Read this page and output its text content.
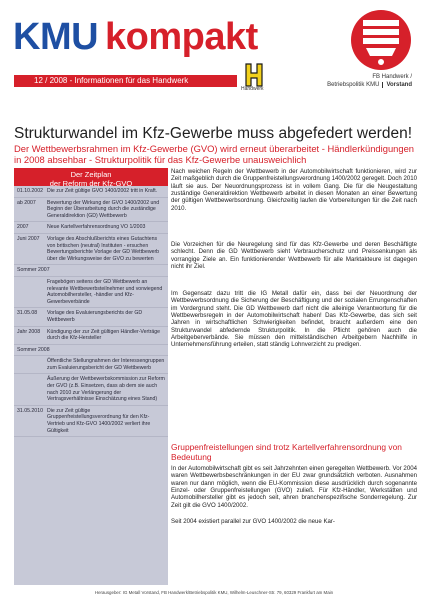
KMU kompakt
12 / 2008 - Informationen für das Handwerk
Handwerk
FB Handwerk /
Betriebspolitik KMU Vorstand
Strukturwandel im Kfz-Gewerbe muss abgefedert werden!
Der Wettbewerbsrahmen im Kfz-Gewerbe (GVO) wird erneut überarbeitet - Händlerkündigungen in 2008 absehbar - Strukturpolitik für das Kfz-Gewerbe unausweichlich
Der Zeitplan
der Reform der Kfz-GVO
01.10.2002 Die zur Zeit gültige GVO 1400/2002 tritt in Kraft.
ab 2007	Bewertung der Wirkung der GVO 1400/2002 und Beginn der Überarbeitung durch die zuständige Generaldirektion (GD) Wettbewerb
2007	Neue Kartellverfahrensordnung VO 1/2003
Juni 2007	Vorlage des Abschlußberichts eines Gutachtens von britischen (neutral) Instituten - ersuchen Bewertungsberichte Vorlage der GD Wettbewerb über die Wirkungsweise der GVO zu bewerten
Sommer 2007
Fragebögen seitens der GD Wettbewerb an relevante Wettbewerbsteilnehmer und vorwiegend Automobilhersteller, -händler und Kfz-Gewerbeverbände
31.05.08	Vorlage des Evaluierungsberichts der GD Wettbewerb
Jahr 2008	Kündigung der zur Zeit gültigen Händler-Verträge durch die Kfz-Hersteller
Sommer 2008
Öffentliche Stellungnahmen der Interessengruppen zum Evaluierungsbericht der GD Wettbewerb
Äußerung der Wettbewerbskommission zur Reform der GVO (z.B. Einsetzen, dass ab dem sie auch nach 2010 zur Verlängerung der Vertragsverhältnisse Einschätzung eines Stand)
31.05.2010 Die zur Zeit gültige Gruppenfreistellungsverordnung für den Kfz-Vertrieb und Kfz-GVO 1400/2002 verliert ihre Gültigkeit

Nach weichen Regeln der Wettbewerb in der Automobilwirtschaft funktionieren, wird zur Zeit maßgeblich durch die Gruppenfreistellungsverordnung 1400/2002 geregelt. Doch 2010 läuft sie aus. Der Neuordnungsprozess ist in vollem Gang. Die für die Neugestaltung zuständige Generaldirektion Wettbewerb arbeitet in diesen Monaten an einer Bewertung der gültigen Wettbewerbsordnung. Gleichzeitig laufen die Vorbereitungen für die Zeit nach 2010.

Die Vorzeichen für die Neuregelung sind für das Kfz-Gewerbe und deren Beschäftigte schlecht. Denn die GD Wettbewerb sieht Verbraucherschutz und Preissenkungen als vorrangige Ziele an. Ein funktionierender Wettbewerb für alle Marktakteure ist dagegen nicht ihr Ziel.

Im Gegensatz dazu tritt die IG Metall dafür ein, dass bei der Neuordnung der Wettbewerbsordnung die Sicherung der Beschäftigung und der sozialen Errungenschaften im Vordergrund steht. Die GD Wettbewerb darf nicht die alleinige Verantwortung für die Wettbewerbsregeln in der Automobilwirtschaft haben! Das Kfz-Gewerbe, das sich seit Jahren in wirtschaftlichen Schwierigkeiten befindet, braucht außerdem eine den Strukturwandel abfedernde Strukturpolitik. In die Pflicht gehören auch die Arbeitgeberverbände. Sie müssen den mittelständischen Arbeitgebern Nachhilfe in Unternehmensführung erteilen, statt ständig Lohnverzicht zu predigen.

Gruppenfreistellungen sind trotz Kartellverfahrensordnung von Bedeutung

In der Automobilwirtschaft gibt es seit Jahrzehnten einen geregelten Wettbewerb. Vor 2004 waren Wettbewerbsbeschränkungen in der EU zwar grundsätzlich verboten. Ausnahmen waren nur dann möglich, wenn die EU-Kommission diese ausdrücklich durch sogenannte Einzel- oder Gruppenfreistellungen (GVO) zuließ. Für Kfz-Händler, Werkstätten und Automobilhersteller gibt es jedoch seit, ahren branchenspezifische Sonderregelung. Zur Zeit gilt die GVO 1400/2002.

Seit 2004 existiert parallel zur GVO 1400/2002 die neue Kar-

Herausgeber: IG Metall Vorstand, FB Handwerk/Betriebspolitik KMU, Wilhelm-Leuschner-Str. 79, 60329 Frankfurt am Main
